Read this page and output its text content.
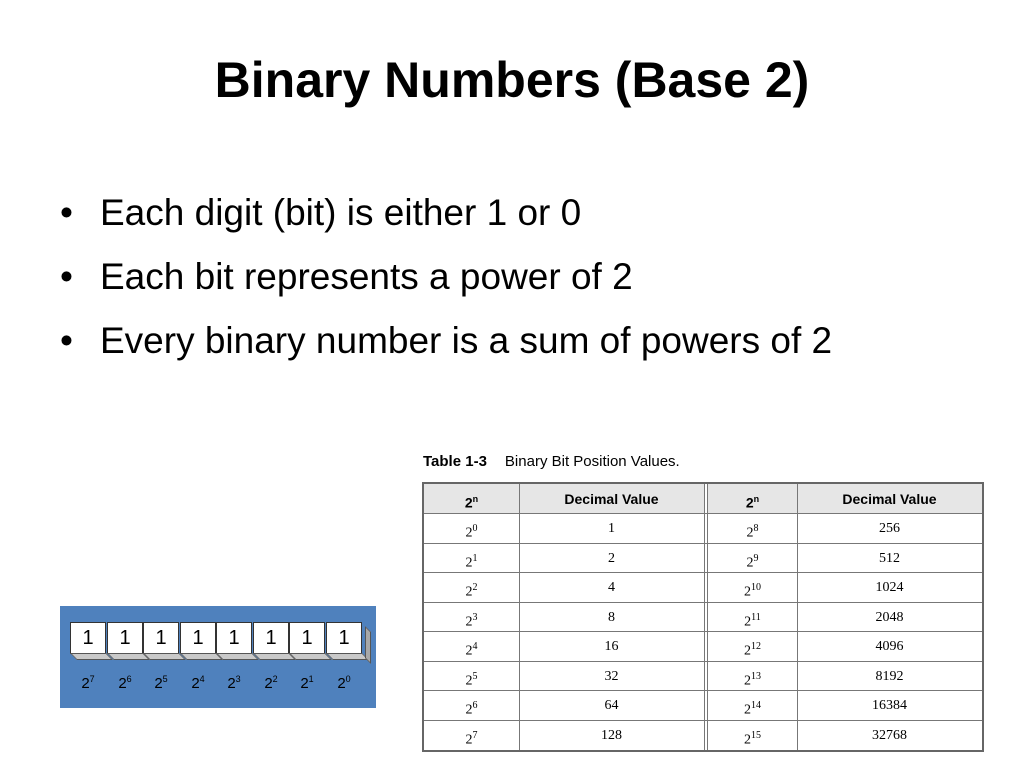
Binary Numbers (Base 2)
• Each digit (bit) is either 1 or 0
• Each bit represents a power of 2
• Every binary number is a sum of powers of 2
1	1	1	1	1	1	1	1
$2^7$	$2^6$	$2^5$	$2^4$	$2^3$	$2^2$	$2^1$	$2^0$
Table 1-3 Binary Bit Position Values.
2$^n$	Decimal Value	2$^n$	Decimal Value
$2^0$	1	$2^8$	256
$2^1$	2	$2^9$	512
$2^2$	4	$2^{10}$	1024
$2^3$	8	$2^{11}$	2048
$2^4$	16	$2^{12}$	4096
$2^5$	32	$2^{13}$	8192
$2^6$	64	$2^{14}$	16384
$2^7$	128	$2^{15}$	32768
